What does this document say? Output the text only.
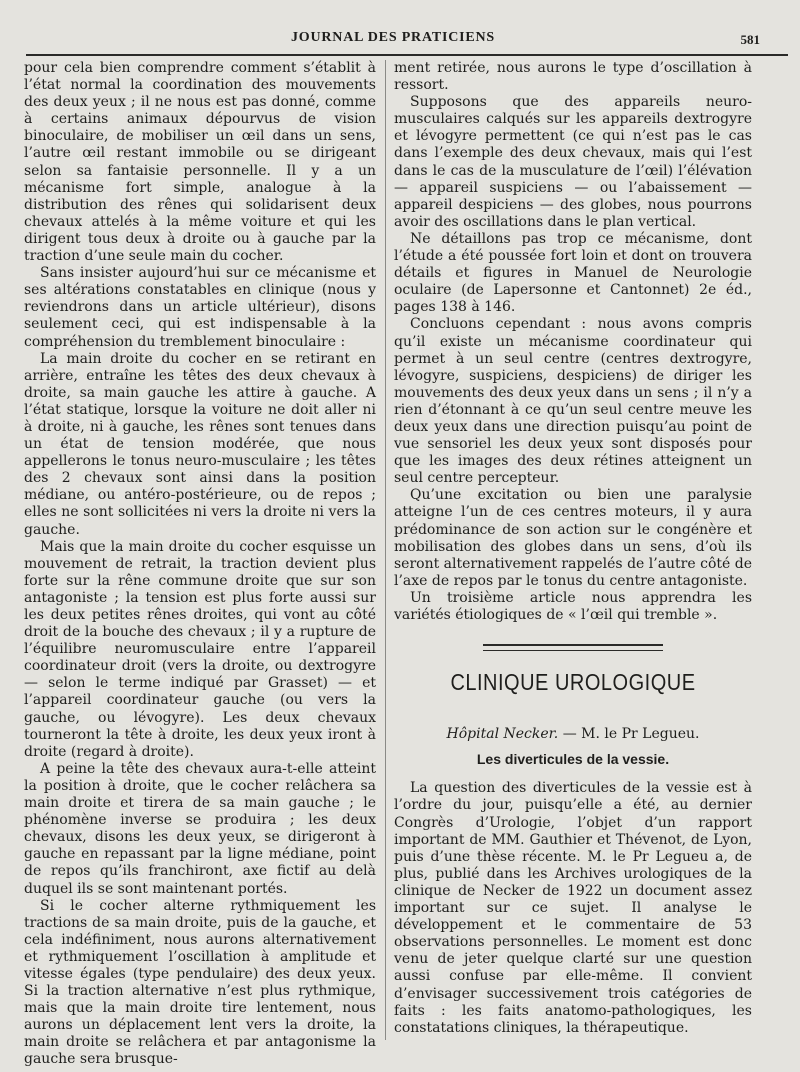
JOURNAL DES PRATICIENS	581

pour cela bien comprendre comment s’établit à l’état normal la coordination des mouvements des deux yeux ; il ne nous est pas donné, comme à certains animaux dépourvus de vision binoculaire, de mobiliser un œil dans un sens, l’autre œil restant immobile ou se dirigeant selon sa fantaisie personnelle. Il y a un mécanisme fort simple, analogue à la distribution des rênes qui solidarisent deux chevaux attelés à la même voiture et qui les dirigent tous deux à droite ou à gauche par la traction d’une seule main du cocher.

Sans insister aujourd’hui sur ce mécanisme et ses altérations constatables en clinique (nous y reviendrons dans un article ultérieur), disons seulement ceci, qui est indispensable à la compréhension du tremblement binoculaire :

La main droite du cocher en se retirant en arrière, entraîne les têtes des deux chevaux à droite, sa main gauche les attire à gauche. A l’état statique, lorsque la voiture ne doit aller ni à droite, ni à gauche, les rênes sont tenues dans un état de tension modérée, que nous appellerons le tonus neuro-musculaire ; les têtes des 2 chevaux sont ainsi dans la position médiane, ou antéro-postérieure, ou de repos ; elles ne sont sollicitées ni vers la droite ni vers la gauche.

Mais que la main droite du cocher esquisse un mouvement de retrait, la traction devient plus forte sur la rêne commune droite que sur son antagoniste ; la tension est plus forte aussi sur les deux petites rênes droites, qui vont au côté droit de la bouche des chevaux ; il y a rupture de l’équilibre neuromusculaire entre l’appareil coordinateur droit (vers la droite, ou dextrogyre — selon le terme indiqué par Grasset) — et l’appareil coordinateur gauche (ou vers la gauche, ou lévogyre). Les deux chevaux tourneront la tête à droite, les deux yeux iront à droite (regard à droite).

A peine la tête des chevaux aura-t-elle atteint la position à droite, que le cocher relâchera sa main droite et tirera de sa main gauche ; le phénomène inverse se produira ; les deux chevaux, disons les deux yeux, se dirigeront à gauche en repassant par la ligne médiane, point de repos qu’ils franchiront, axe fictif au delà duquel ils se sont maintenant portés.

Si le cocher alterne rythmiquement les tractions de sa main droite, puis de la gauche, et cela indéfiniment, nous aurons alternativement et rythmiquement l’oscillation à amplitude et vitesse égales (type pendulaire) des deux yeux. Si la traction alternative n’est plus rythmique, mais que la main droite tire lentement, nous aurons un déplacement lent vers la droite, la main droite se relâchera et par antagonisme la gauche sera brusque-

ment retirée, nous aurons le type d’oscillation à ressort.

Supposons que des appareils neuro-musculaires calqués sur les appareils dextrogyre et lévogyre permettent (ce qui n’est pas le cas dans l’exemple des deux chevaux, mais qui l’est dans le cas de la musculature de l’œil) l’élévation — appareil suspiciens — ou l’abaissement — appareil despiciens — des globes, nous pourrons avoir des oscillations dans le plan vertical.

Ne détaillons pas trop ce mécanisme, dont l’étude a été poussée fort loin et dont on trouvera détails et figures in Manuel de Neurologie oculaire (de Lapersonne et Cantonnet) 2e éd., pages 138 à 146.

Concluons cependant : nous avons compris qu’il existe un mécanisme coordinateur qui permet à un seul centre (centres dextrogyre, lévogyre, suspiciens, despiciens) de diriger les mouvements des deux yeux dans un sens ; il n’y a rien d’étonnant à ce qu’un seul centre meuve les deux yeux dans une direction puisqu’au point de vue sensoriel les deux yeux sont disposés pour que les images des deux rétines atteignent un seul centre percepteur.

Qu’une excitation ou bien une paralysie atteigne l’un de ces centres moteurs, il y aura prédominance de son action sur le congénère et mobilisation des globes dans un sens, d’où ils seront alternativement rappelés de l’autre côté de l’axe de repos par le tonus du centre antagoniste.

Un troisième article nous apprendra les variétés étiologiques de « l’œil qui tremble ».

CLINIQUE UROLOGIQUE
Hôpital Necker. — M. le Pr Legueu.
Les diverticules de la vessie.

La question des diverticules de la vessie est à l’ordre du jour, puisqu’elle a été, au dernier Congrès d’Urologie, l’objet d’un rapport important de MM. Gauthier et Thévenot, de Lyon, puis d’une thèse récente. M. le Pr Legueu a, de plus, publié dans les Archives urologiques de la clinique de Necker de 1922 un document assez important sur ce sujet. Il analyse le développement et le commentaire de 53 observations personnelles. Le moment est donc venu de jeter quelque clarté sur une question aussi confuse par elle-même. Il convient d’envisager successivement trois catégories de faits : les faits anatomo-pathologiques, les constatations cliniques, la thérapeutique.
